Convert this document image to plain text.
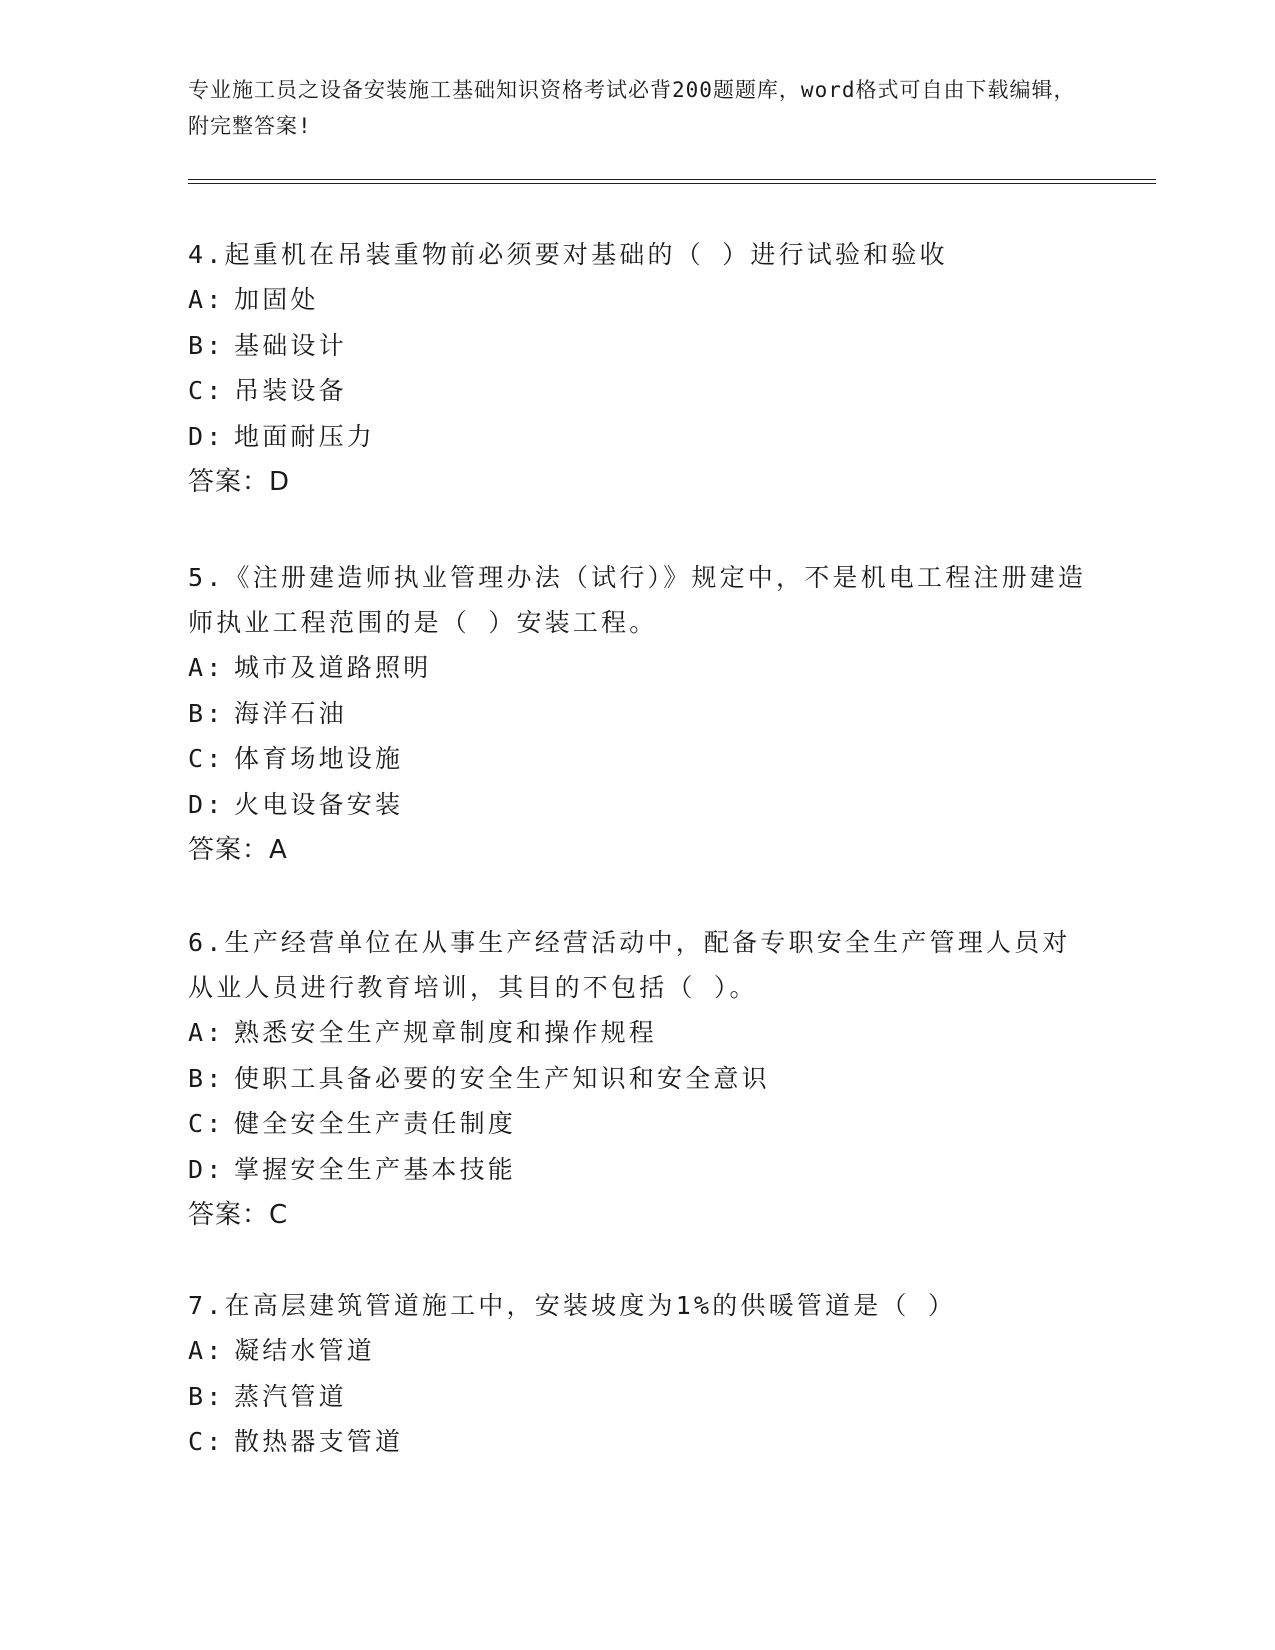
专业施工员之设备安装施工基础知识资格考试必背200题题库，word格式可自由下载编辑，附完整答案!

4.起重机在吊装重物前必须要对基础的（ ）进行试验和验收

A: 加固处

B: 基础设计

C: 吊装设备

D: 地面耐压力

答案：D

5.《注册建造师执业管理办法（试行）》规定中，不是机电工程注册建造师执业工程范围的是（ ）安装工程。

A: 城市及道路照明

B: 海洋石油

C: 体育场地设施

D: 火电设备安装

答案：A

6.生产经营单位在从事生产经营活动中，配备专职安全生产管理人员对从业人员进行教育培训，其目的不包括（ ）。

A: 熟悉安全生产规章制度和操作规程

B: 使职工具备必要的安全生产知识和安全意识

C: 健全安全生产责任制度

D: 掌握安全生产基本技能

答案：C

7.在高层建筑管道施工中，安装坡度为1%的供暖管道是（ ）

A: 凝结水管道

B: 蒸汽管道

C: 散热器支管道
